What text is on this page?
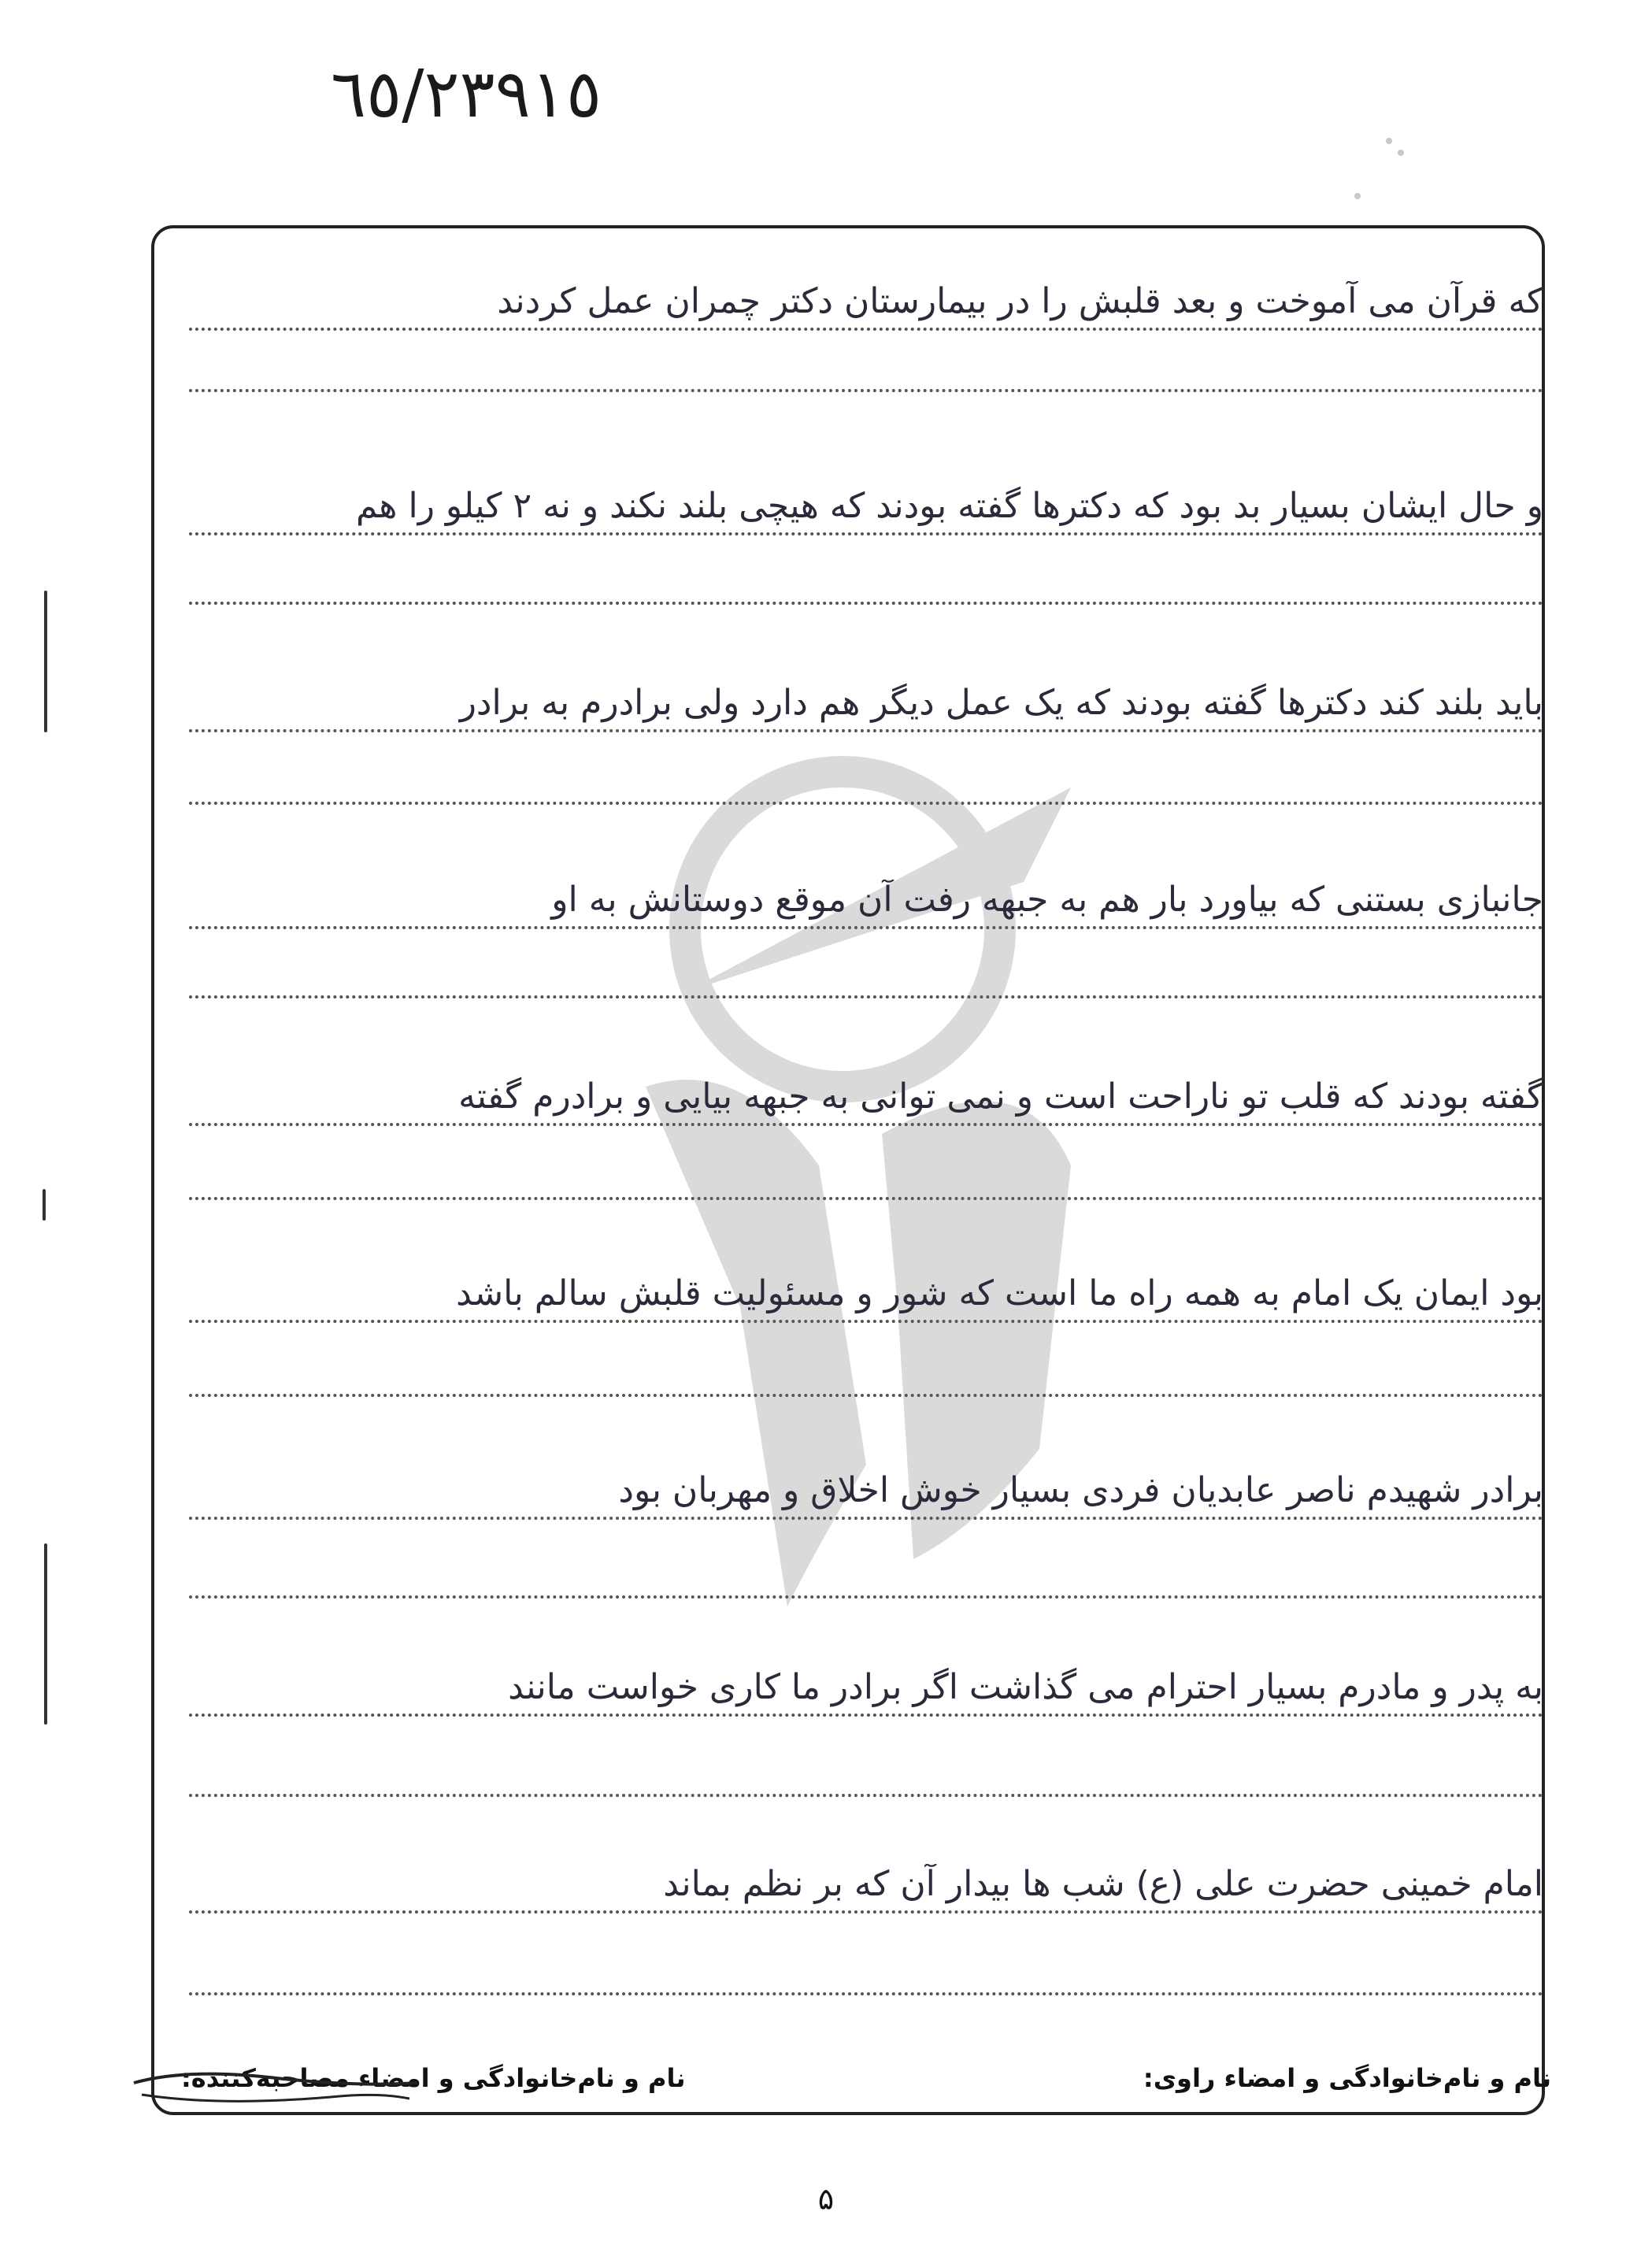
٦٥/٢٣٩١٥
که قرآن می آموخت و بعد قلبش را در بیمارستان دکتر چمران عمل کردند
و حال ایشان بسیار بد بود که دکترها گفته بودند که هیچی بلند نکند و نه ۲ کیلو را هم
باید بلند کند دکترها گفته بودند که یک عمل دیگر هم دارد ولی برادرم به برادر
جانبازی بستنی که بیاورد بار هم به جبهه رفت آن موقع دوستانش به او
گفته بودند که قلب تو ناراحت است و نمی توانی به جبهه بیایی و برادرم گفته
بود ایمان یک امام به همه راه ما است که شور و مسئولیت قلبش سالم باشد
برادر شهیدم ناصر عابدیان فردی بسیار خوش اخلاق و مهربان بود
به پدر و مادرم بسیار احترام می گذاشت اگر برادر ما کاری خواست مانند
امام خمینی حضرت علی (ع) شب ها بیدار آن که بر نظم بماند
نام و نام‌خانوادگی و امضاء راوی:
نام و نام‌خانوادگی و امضاء مصاحبه‌کننده:
۵
